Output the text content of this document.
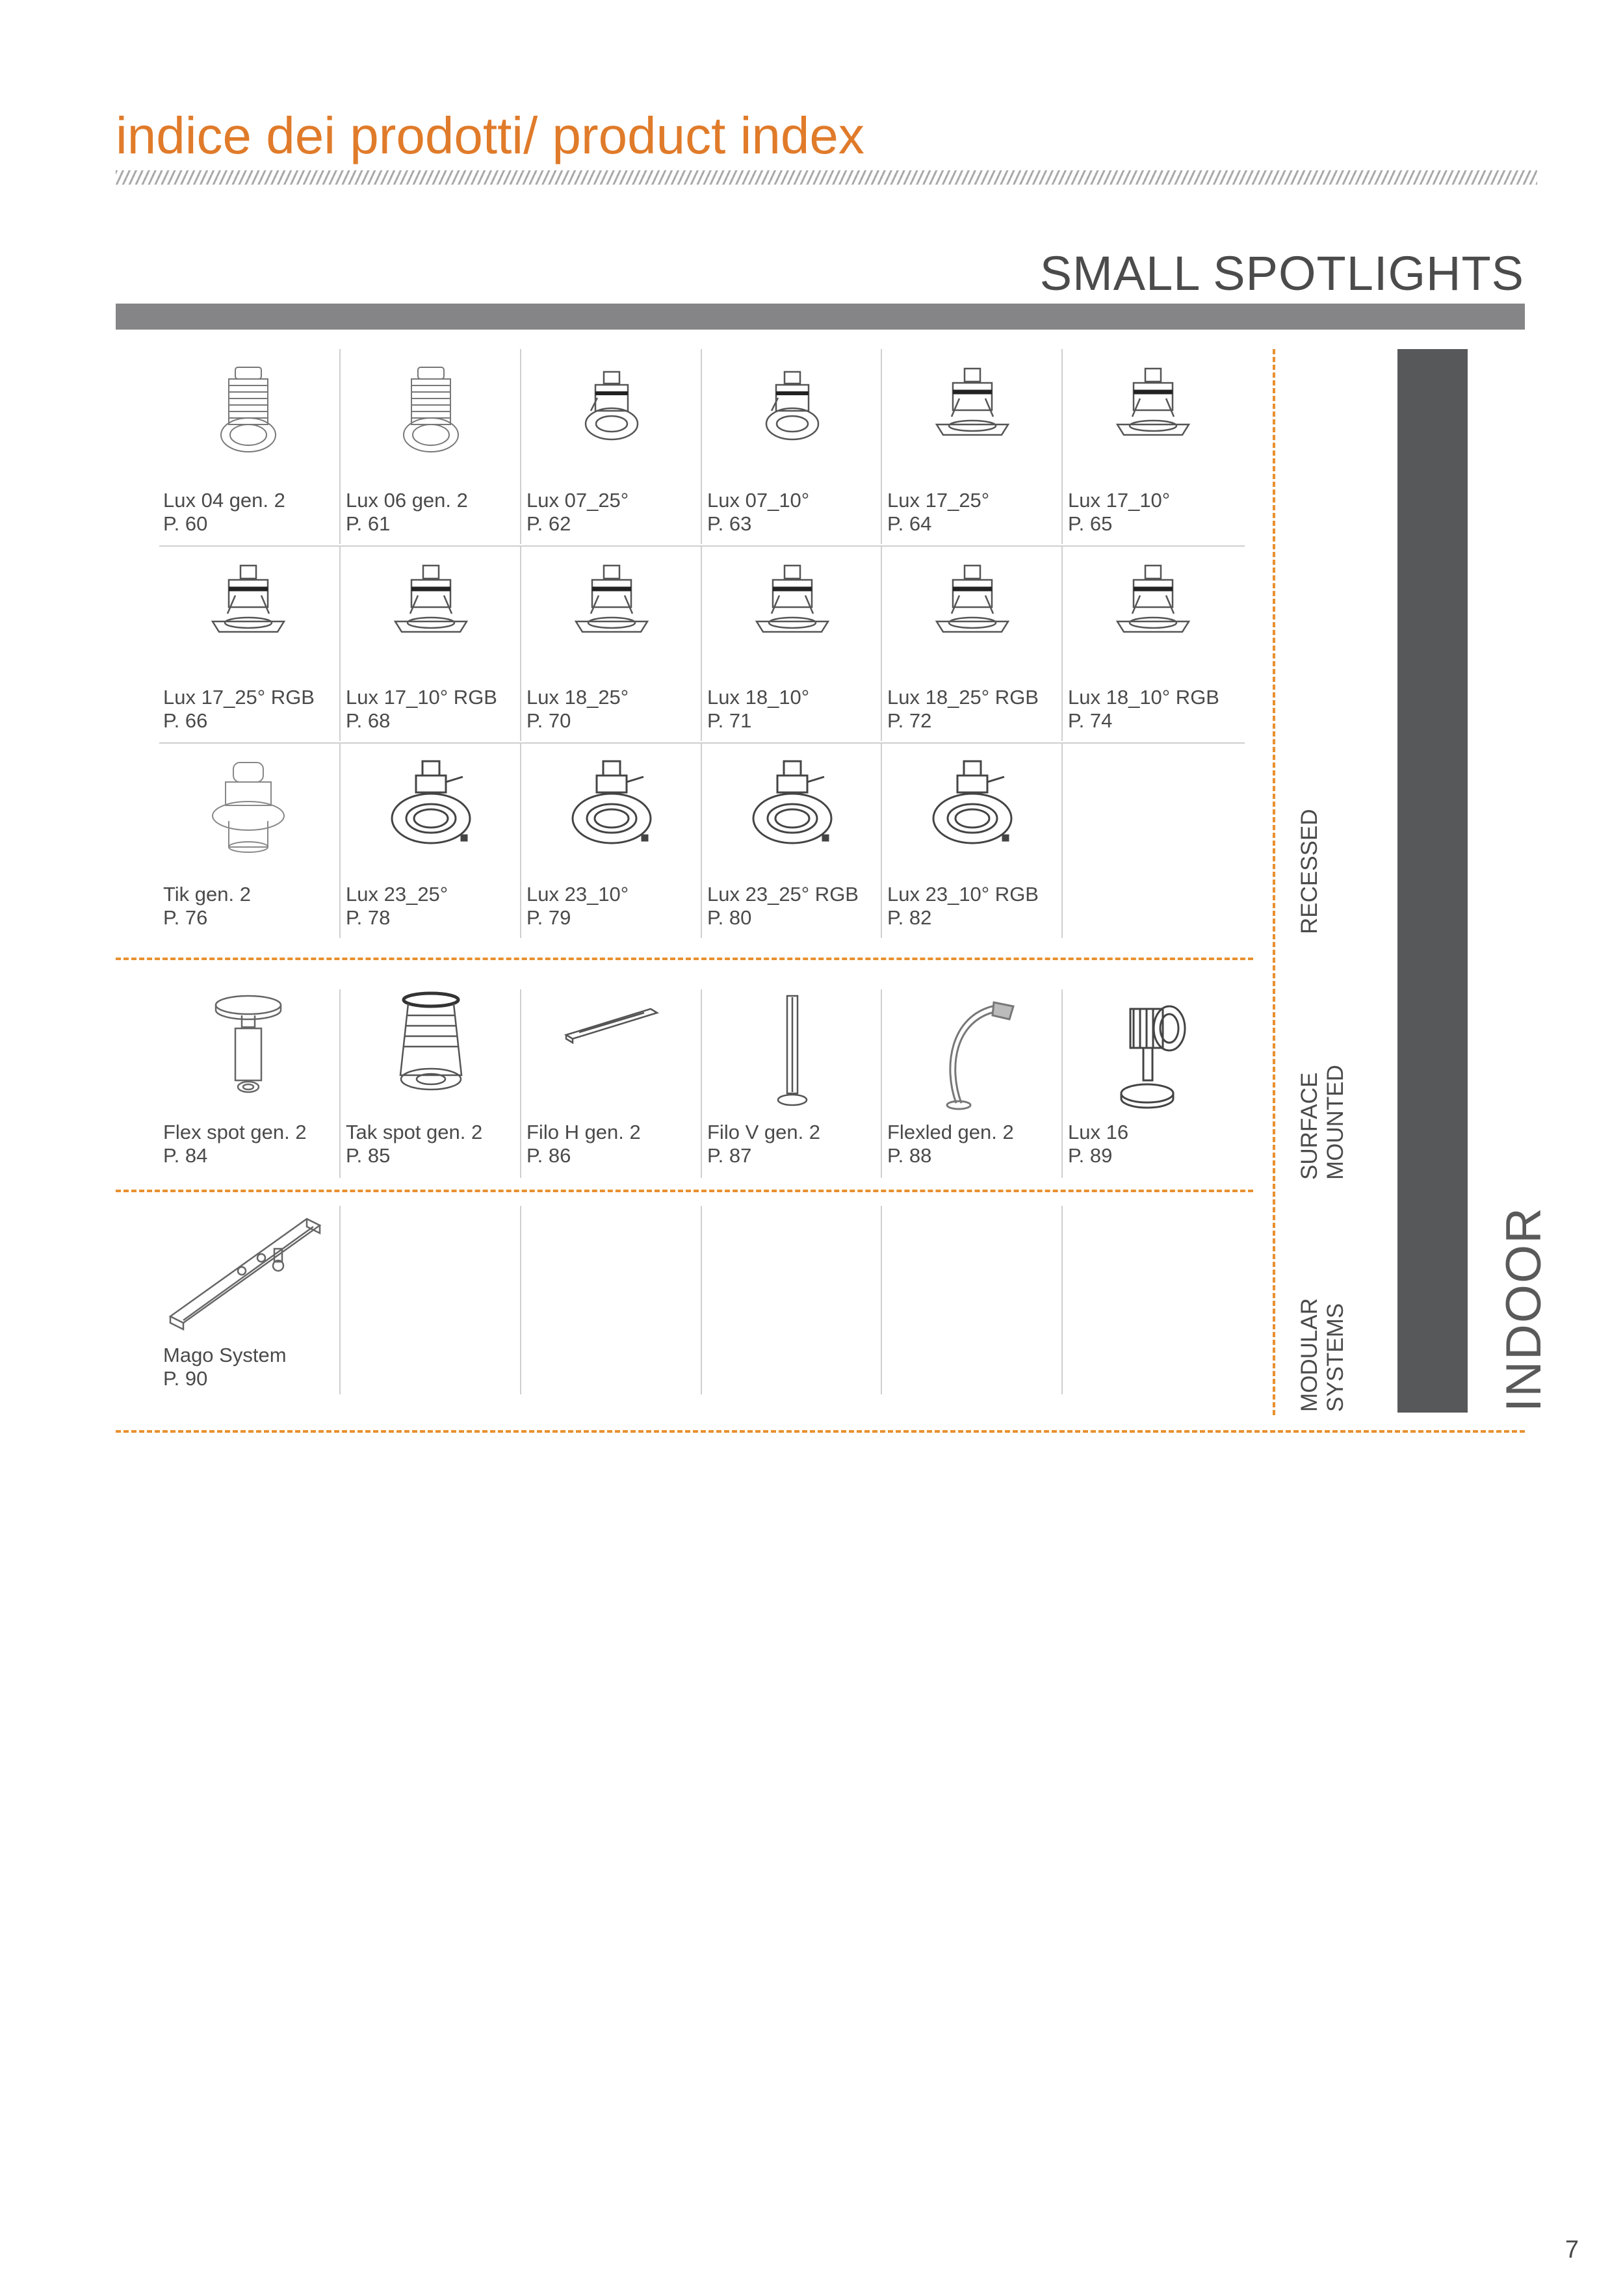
indice dei prodotti/ product index
SMALL SPOTLIGHTS
Lux 04 gen. 2
P. 60
Lux 06 gen. 2
P. 61
Lux 07_25°
P. 62
Lux 07_10°
P. 63
Lux 17_25°
P. 64
Lux 17_10°
P. 65
Lux 17_25° RGB
P. 66
Lux 17_10° RGB
P. 68
Lux 18_25°
P. 70
Lux 18_10°
P. 71
Lux 18_25° RGB
P. 72
Lux 18_10° RGB
P. 74
Tik gen. 2
P. 76
Lux 23_25°
P. 78
Lux 23_10°
P. 79
Lux 23_25° RGB
P. 80
Lux 23_10° RGB
P. 82
Flex spot gen. 2
P. 84
Tak spot gen. 2
P. 85
Filo H gen. 2
P. 86
Filo V gen. 2
P. 87
Flexled gen. 2
P. 88
Lux 16
P. 89
Mago System
P. 90
RECESSED
SURFACE MOUNTED
MODULAR SYSTEMS	INDOOR
7
